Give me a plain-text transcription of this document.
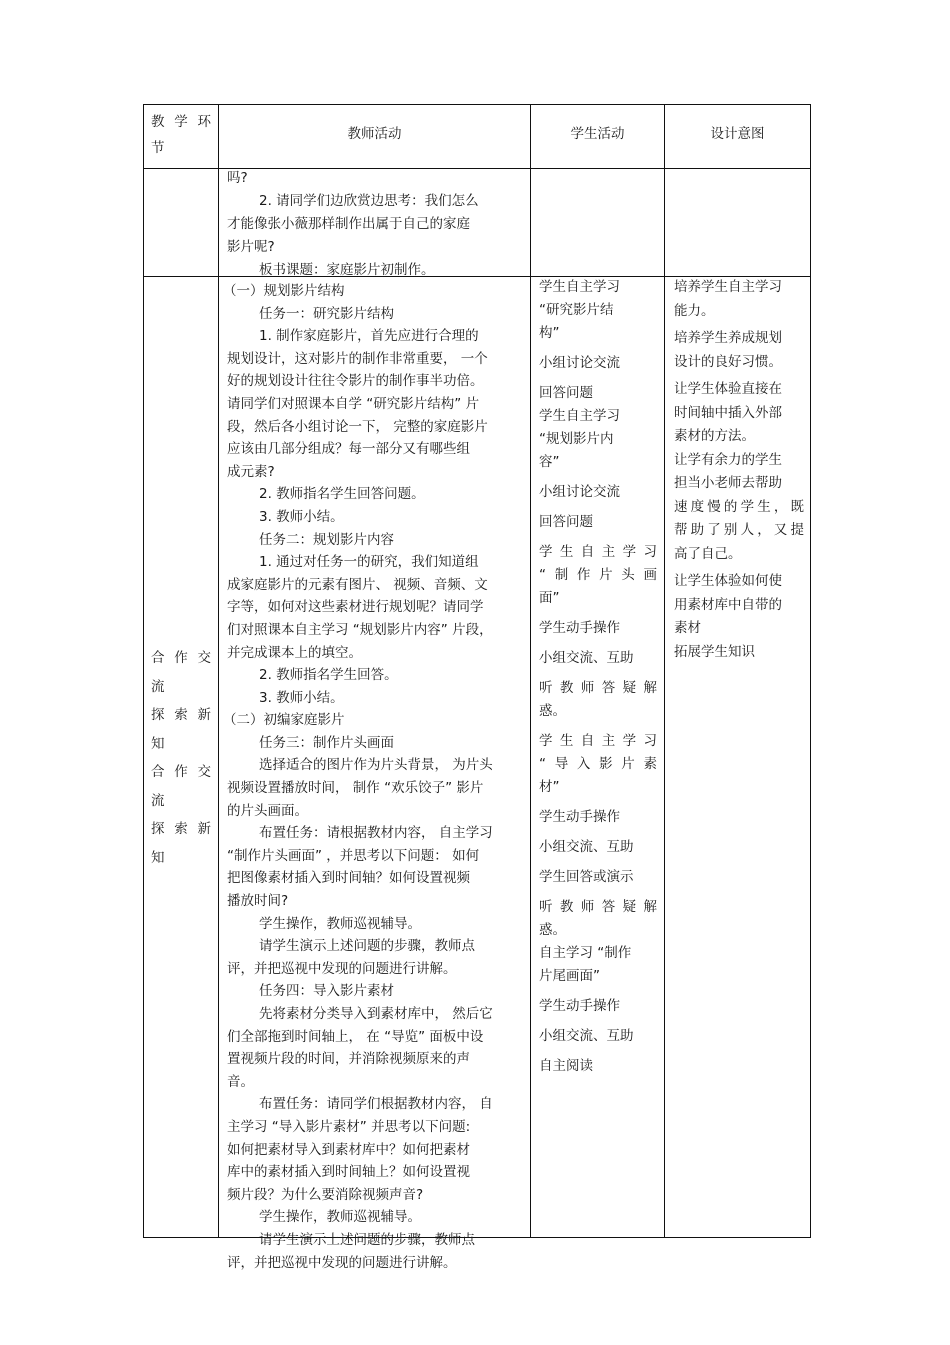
教学环
节
教师活动	学生活动	设计意图
吗?
2. 请同学们边欣赏边思考：我们怎么
才能像张小薇那样制作出属于自己的家庭
影片呢?
板书课题：家庭影片初制作。
合作交
流
探索新
知
合作交
流
探索新
知
（一）规划影片结构
任务一：研究影片结构
1. 制作家庭影片，首先应进行合理的
规划设计，这对影片的制作非常重要， 一个
好的规划设计往往令影片的制作事半功倍。
请同学们对照课本自学 “研究影片结构” 片
段，然后各小组讨论一下， 完整的家庭影片
应该由几部分组成？每一部分又有哪些组
成元素?
2. 教师指名学生回答问题。
3. 教师小结。
任务二：规划影片内容
1. 通过对任务一的研究，我们知道组
成家庭影片的元素有图片、 视频、音频、文
字等，如何对这些素材进行规划呢？请同学
们对照课本自主学习 “规划影片内容” 片段，
并完成课本上的填空。
2. 教师指名学生回答。
3. 教师小结。
（二）初编家庭影片
任务三：制作片头画面
选择适合的图片作为片头背景， 为片头
视频设置播放时间， 制作 “欢乐饺子” 影片
的片头画面。
布置任务：请根据教材内容， 自主学习
“制作片头画面” ，并思考以下问题： 如何
把图像素材插入到时间轴？如何设置视频
播放时间?
学生操作，教师巡视辅导。
请学生演示上述问题的步骤，教师点
评，并把巡视中发现的问题进行讲解。
任务四：导入影片素材
先将素材分类导入到素材库中， 然后它
们全部拖到时间轴上， 在 “导览” 面板中设
置视频片段的时间，并消除视频原来的声
音。
布置任务：请同学们根据教材内容， 自
主学习 “导入影片素材” 并思考以下问题:
如何把素材导入到素材库中？如何把素材
库中的素材插入到时间轴上？如何设置视
频片段？为什么要消除视频声音?
学生操作，教师巡视辅导。
请学生演示上述问题的步骤，教师点
评，并把巡视中发现的问题进行讲解。
学生自主学习
“研究影片结
构”
小组讨论交流
回答问题
学生自主学习
“规划影片内
容”
小组讨论交流
回答问题
学生自主学习
“制作片头画
面”
学生动手操作
小组交流、互助
听教师答疑解
惑。
学生自主学习
“导入影片素
材”
学生动手操作
小组交流、互助
学生回答或演示
听教师答疑解
惑。
自主学习 “制作
片尾画面”
学生动手操作
小组交流、互助
自主阅读
培养学生自主学习
能力。
培养学生养成规划
设计的良好习惯。
让学生体验直接在
时间轴中插入外部
素材的方法。
让学有余力的学生
担当小老师去帮助
速度慢的学生，既
帮助了别人，又提
高了自己。
让学生体验如何使
用素材库中自带的
素材
拓展学生知识
